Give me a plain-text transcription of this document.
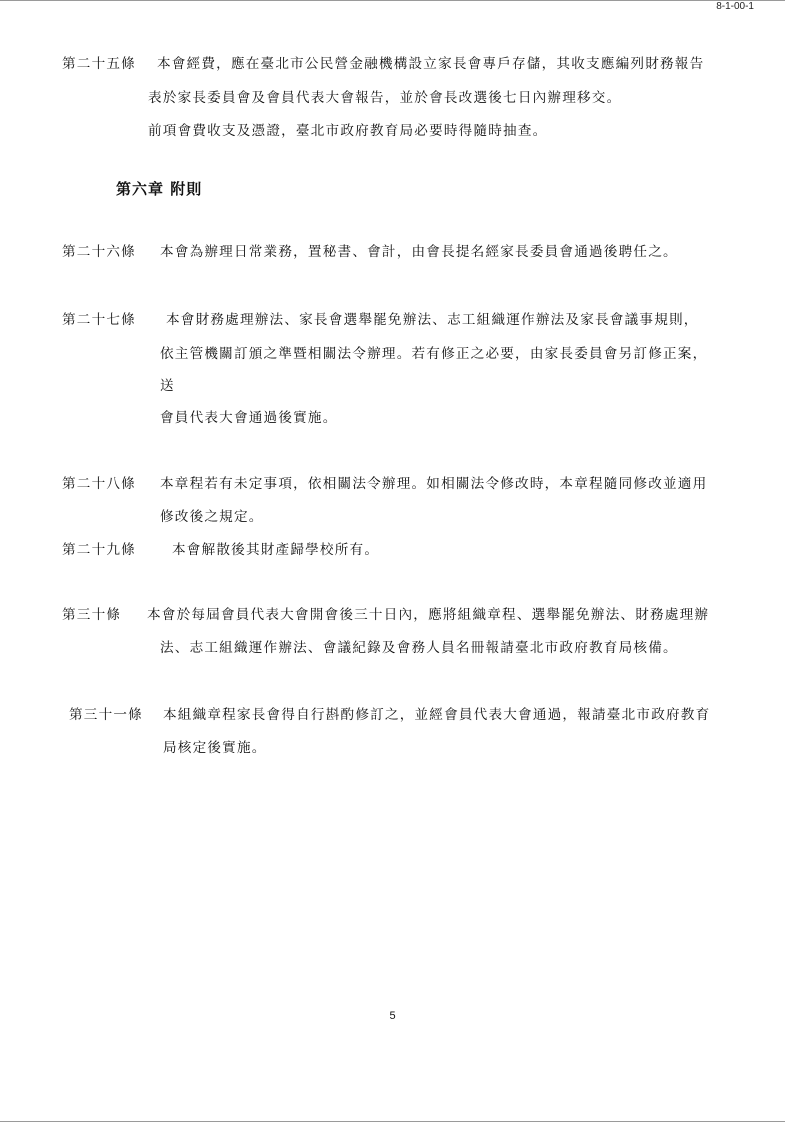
8-1-00-1
第二十五條 本會經費，應在臺北市公民營金融機構設立家長會專戶存儲，其收支應編列財務報告
表於家長委員會及會員代表大會報告，並於會長改選後七日內辦理移交。
前項會費收支及憑證，臺北市政府教育局必要時得隨時抽查。
第六章 附則
第二十六條 本會為辦理日常業務，置秘書、會計，由會長提名經家長委員會通過後聘任之。
第二十七條 本會財務處理辦法、家長會選舉罷免辦法、志工組織運作辦法及家長會議事規則，
依主管機關訂頒之準暨相關法令辦理。若有修正之必要，由家長委員會另訂修正案，
送
會員代表大會通過後實施。
第二十八條 本章程若有未定事項，依相關法令辦理。如相關法令修改時，本章程隨同修改並適用
修改後之規定。
第二十九條	本會解散後其財產歸學校所有。
第三十條 本會於每屆會員代表大會開會後三十日內，應將組織章程、選舉罷免辦法、財務處理辦
法、志工組織運作辦法、會議紀錄及會務人員名冊報請臺北市政府教育局核備。
第三十一條 本組織章程家長會得自行斟酌修訂之，並經會員代表大會通過，報請臺北市政府教育
局核定後實施。
5
